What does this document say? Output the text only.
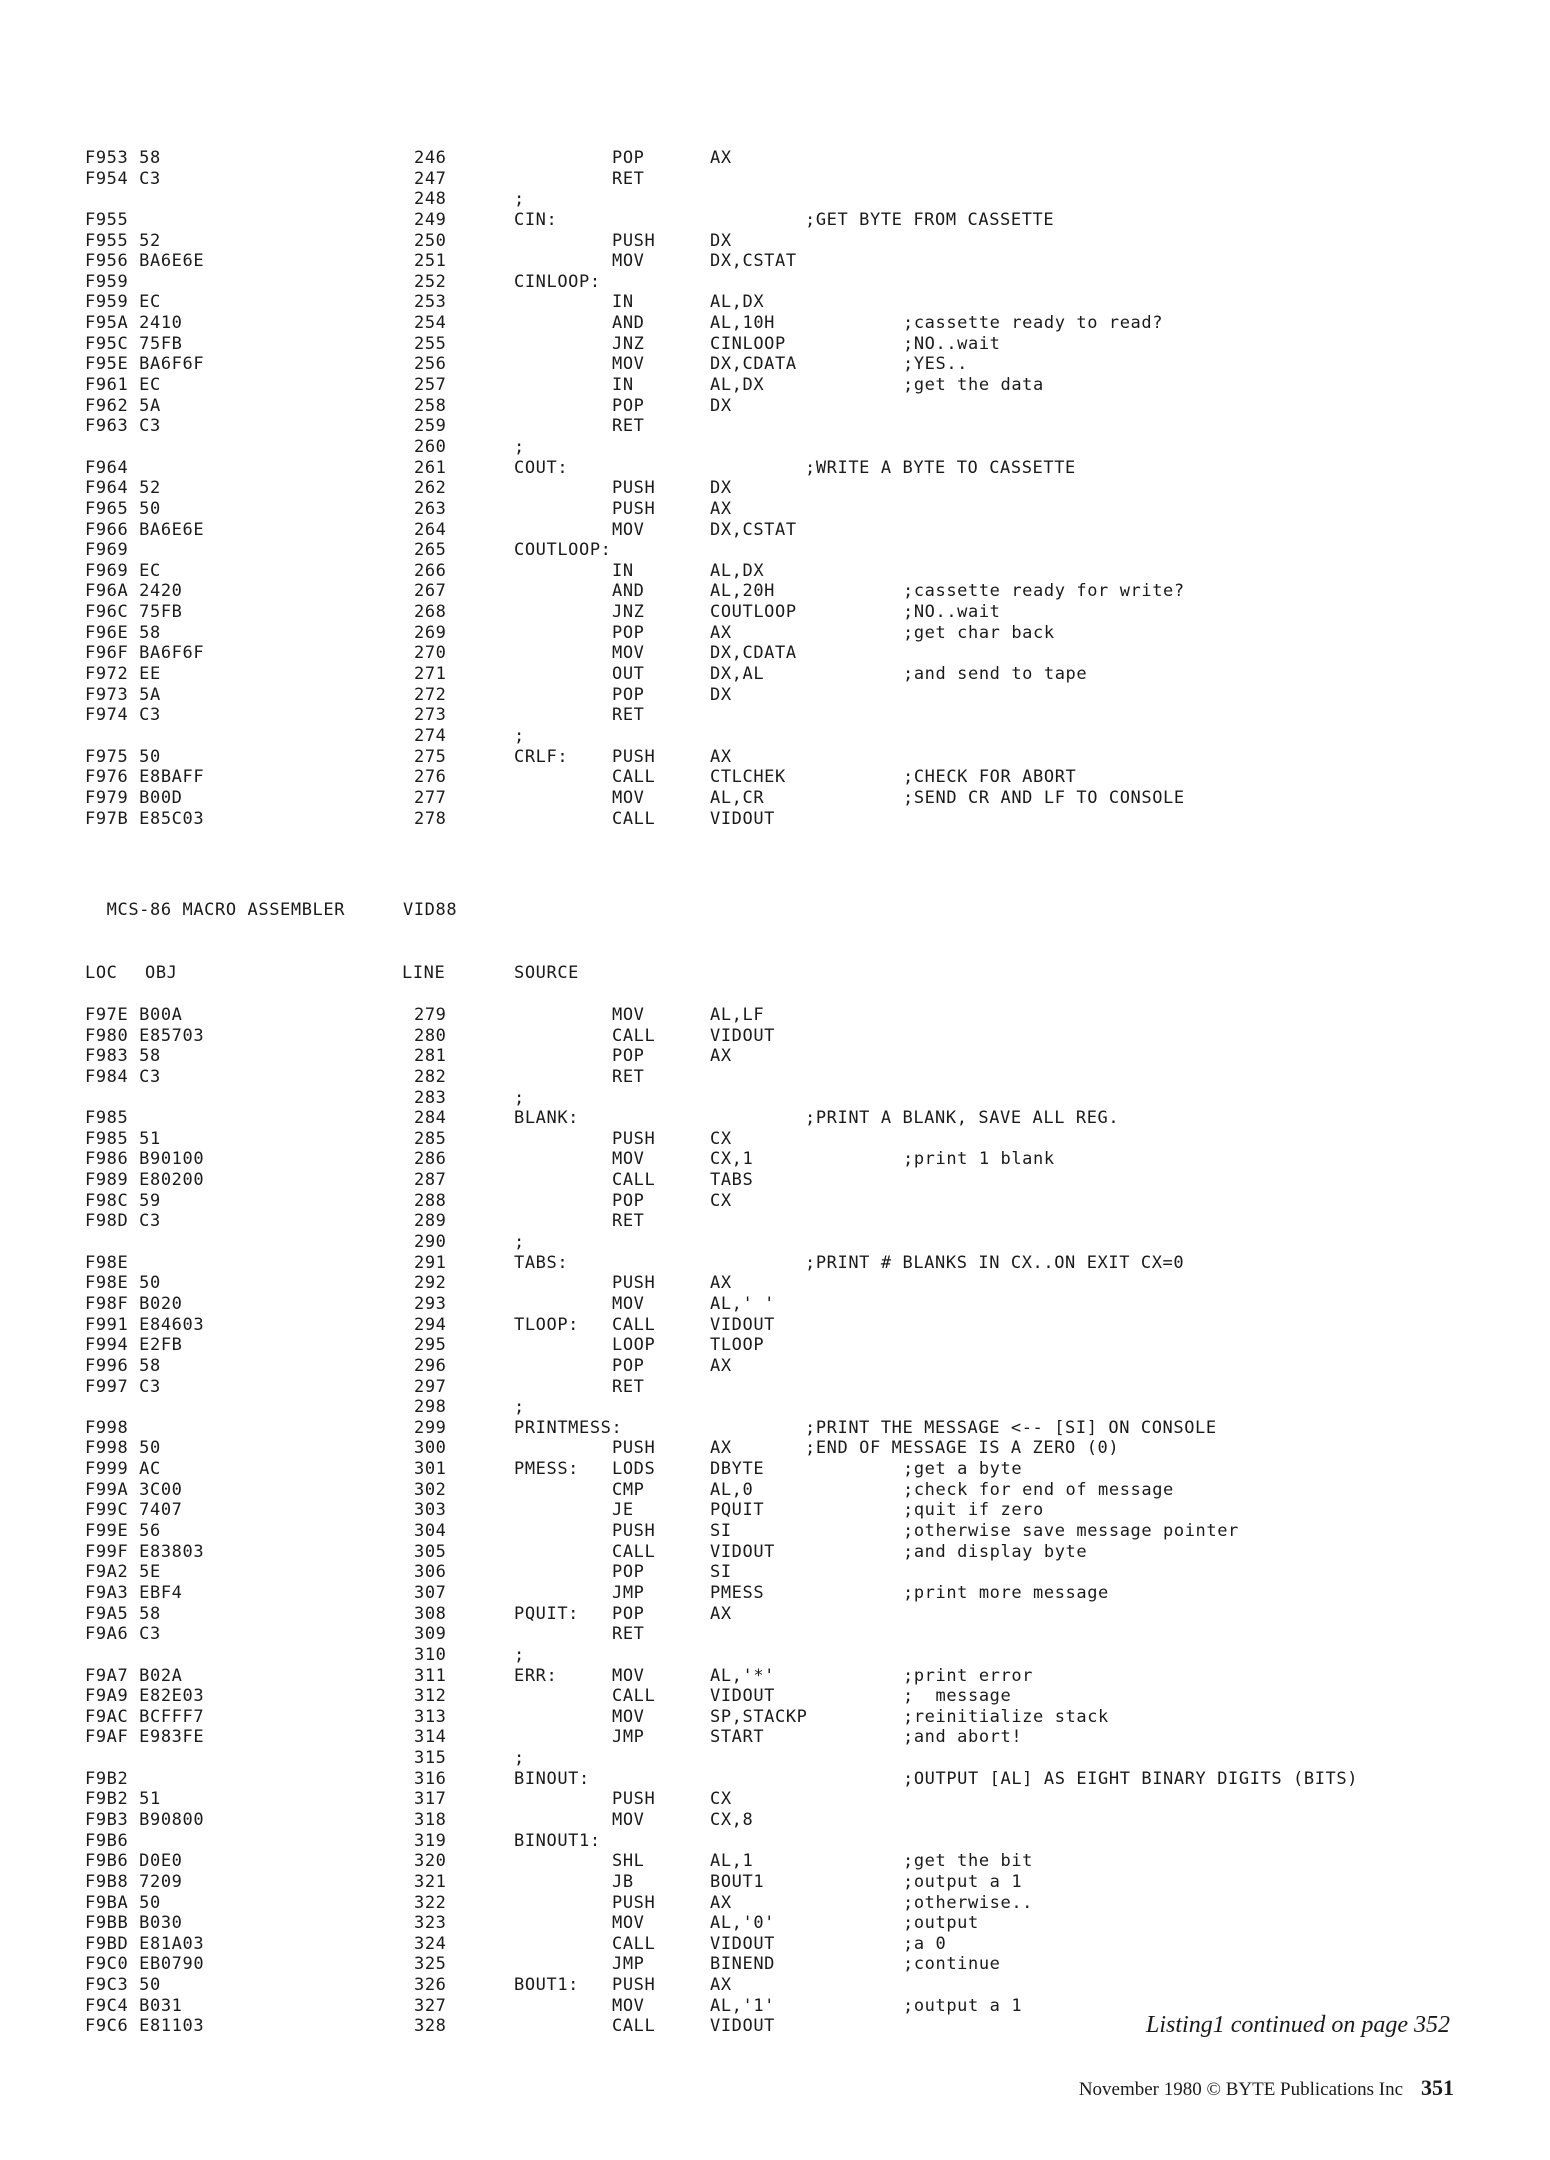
F953 58	246	POP	AX
F954 C3	247	RET
248	;
F955	249	CIN:	;GET BYTE FROM CASSETTE
F955 52	250	PUSH	DX
F956 BA6E6E	251	MOV	DX,CSTAT
F959	252	CINLOOP:
F959 EC	253	IN	AL,DX
F95A 2410	254	AND	AL,10H	;cassette ready to read?
F95C 75FB	255	JNZ	CINLOOP	;NO..wait
F95E BA6F6F	256	MOV	DX,CDATA	;YES..
F961 EC	257	IN	AL,DX	;get the data
F962 5A	258	POP	DX
F963 C3	259	RET
260	;
F964	261	COUT:	;WRITE A BYTE TO CASSETTE
F964 52	262	PUSH	DX
F965 50	263	PUSH	AX
F966 BA6E6E	264	MOV	DX,CSTAT
F969	265	COUTLOOP:
F969 EC	266	IN	AL,DX
F96A 2420	267	AND	AL,20H	;cassette ready for write?
F96C 75FB	268	JNZ	COUTLOOP	;NO..wait
F96E 58	269	POP	AX	;get char back
F96F BA6F6F	270	MOV	DX,CDATA
F972 EE	271	OUT	DX,AL	;and send to tape
F973 5A	272	POP	DX
F974 C3	273	RET
274	;
F975 50	275	CRLF:	PUSH	AX
F976 E8BAFF	276	CALL	CTLCHEK	;CHECK FOR ABORT
F979 B00D	277	MOV	AL,CR	;SEND CR AND LF TO CONSOLE
F97B E85C03	278	CALL	VIDOUT

MCS-86 MACRO ASSEMBLER	VID88

LOC OBJ	LINE	SOURCE
F97E B00A	279	MOV	AL,LF
F980 E85703	280	CALL	VIDOUT
F983 58	281	POP	AX
F984 C3	282	RET
283	;
F985	284	BLANK:	;PRINT A BLANK, SAVE ALL REG.
F985 51	285	PUSH	CX
F986 B90100	286	MOV	CX,1	;print 1 blank
F989 E80200	287	CALL	TABS
F98C 59	288	POP	CX
F98D C3	289	RET
290	;
F98E	291	TABS:	;PRINT # BLANKS IN CX..ON EXIT CX=0
F98E 50	292	PUSH	AX
F98F B020	293	MOV	AL,' '
F991 E84603	294	TLOOP: CALL	VIDOUT
F994 E2FB	295	LOOP	TLOOP
F996 58	296	POP	AX
F997 C3	297	RET
298	;
F998	299	PRINTMESS:	;PRINT THE MESSAGE <-- [SI] ON CONSOLE
F998 50	300	PUSH	AX	;END OF MESSAGE IS A ZERO (0)
F999 AC	301	PMESS: LODS	DBYTE	;get a byte
F99A 3C00	302	CMP	AL,0	;check for end of message
F99C 7407	303	JE	PQUIT	;quit if zero
F99E 56	304	PUSH	SI	;otherwise save message pointer
F99F E83803	305	CALL	VIDOUT	;and display byte
F9A2 5E	306	POP	SI
F9A3 EBF4	307	JMP	PMESS	;print more message
F9A5 58	308	PQUIT: POP	AX
F9A6 C3	309	RET
310	;
F9A7 B02A	311	ERR:	MOV	AL,'*'	;print error
F9A9 E82E03	312	CALL	VIDOUT	;  message
F9AC BCFFF7	313	MOV	SP,STACKP	;reinitialize stack
F9AF E983FE	314	JMP	START	;and abort!
315	;
F9B2	316	BINOUT:	;OUTPUT [AL] AS EIGHT BINARY DIGITS (BITS)
F9B2 51	317	PUSH	CX
F9B3 B90800	318	MOV	CX,8
F9B6	319	BINOUT1:
F9B6 D0E0	320	SHL	AL,1	;get the bit
F9B8 7209	321	JB	BOUT1	;output a 1
F9BA 50	322	PUSH	AX	;otherwise..
F9BB B030	323	MOV	AL,'0'	;output
F9BD E81A03	324	CALL	VIDOUT	;a 0
F9C0 EB0790	325	JMP	BINEND	;continue
F9C3 50	326	BOUT1: PUSH	AX
F9C4 B031	327	MOV	AL,'1'	;output a 1
F9C6 E81103	328	CALL	VIDOUT	Listing1 continued on page 352
November 1980 © BYTE Publications Inc 351
